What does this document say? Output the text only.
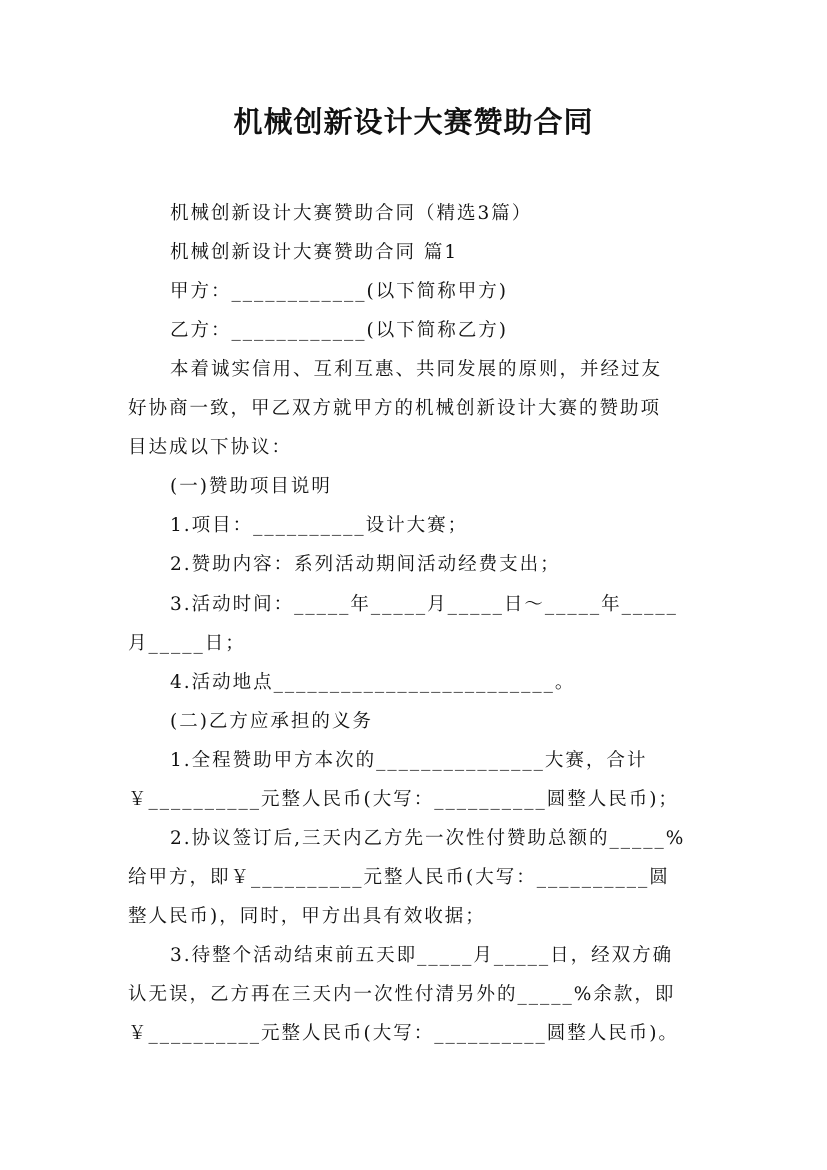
机械创新设计大赛赞助合同
机械创新设计大赛赞助合同（精选3篇）
机械创新设计大赛赞助合同 篇1
甲方：____________(以下简称甲方)
乙方：____________(以下简称乙方)
本着诚实信用、互利互惠、共同发展的原则，并经过友
好协商一致，甲乙双方就甲方的机械创新设计大赛的赞助项
目达成以下协议：
(一)赞助项目说明
1.项目：__________设计大赛；
2.赞助内容：系列活动期间活动经费支出；
3.活动时间：_____年_____月_____日～_____年_____
月_____日；
4.活动地点_________________________。
(二)乙方应承担的义务
1.全程赞助甲方本次的_______________大赛，合计
￥__________元整人民币(大写：__________圆整人民币)；
2.协议签订后,三天内乙方先一次性付赞助总额的_____%
给甲方，即￥__________元整人民币(大写：__________圆
整人民币)，同时，甲方出具有效收据；
3.待整个活动结束前五天即_____月_____日，经双方确
认无误，乙方再在三天内一次性付清另外的_____%余款，即
￥__________元整人民币(大写：__________圆整人民币)。
